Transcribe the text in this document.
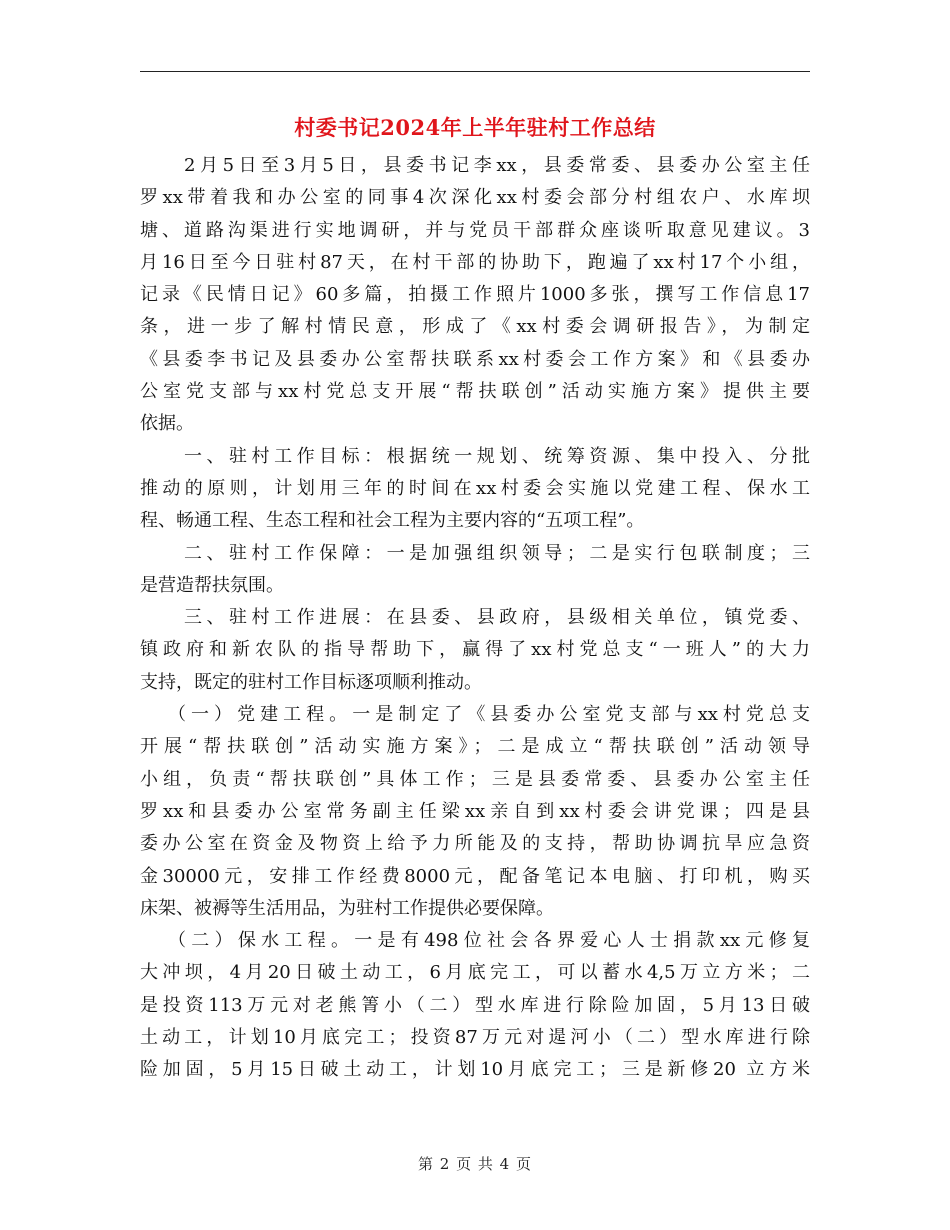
村委书记2024年上半年驻村工作总结
2月5日至3月5日，县委书记李xx，县委常委、县委办公室主任
罗xx带着我和办公室的同事4次深化xx村委会部分村组农户、水库坝
塘、道路沟渠进行实地调研，并与党员干部群众座谈听取意见建议。3
月16日至今日驻村87天，在村干部的协助下，跑遍了xx村17个小组，
记录《民情日记》60多篇，拍摄工作照片1000多张，撰写工作信息17
条，进一步了解村情民意，形成了《xx村委会调研报告》，为制定
《县委李书记及县委办公室帮扶联系xx村委会工作方案》和《县委办
公室党支部与xx村党总支开展“帮扶联创”活动实施方案》提供主要
依据。
一、驻村工作目标：根据统一规划、统筹资源、集中投入、分批
推动的原则，计划用三年的时间在xx村委会实施以党建工程、保水工
程、畅通工程、生态工程和社会工程为主要内容的“五项工程”。
二、驻村工作保障：一是加强组织领导；二是实行包联制度；三
是营造帮扶氛围。
三、驻村工作进展：在县委、县政府，县级相关单位，镇党委、
镇政府和新农队的指导帮助下，赢得了xx村党总支“一班人”的大力
支持，既定的驻村工作目标逐项顺利推动。
（一）党建工程。一是制定了《县委办公室党支部与xx村党总支
开展“帮扶联创”活动实施方案》；二是成立“帮扶联创”活动领导
小组，负责“帮扶联创”具体工作；三是县委常委、县委办公室主任
罗xx和县委办公室常务副主任梁xx亲自到xx村委会讲党课；四是县
委办公室在资金及物资上给予力所能及的支持，帮助协调抗旱应急资
金30000元，安排工作经费8000元，配备笔记本电脑、打印机，购买
床架、被褥等生活用品，为驻村工作提供必要保障。
（二）保水工程。一是有498位社会各界爱心人士捐款xx元修复
大冲坝，4月20日破土动工，6月底完工，可以蓄水4,5万立方米；二
是投资113万元对老熊箐小（二）型水库进行除险加固，5月13日破
土动工，计划10月底完工；投资87万元对遈河小（二）型水库进行除
险加固，5月15日破土动工，计划10月底完工；三是新修20 立方米
第 2 页 共 4 页
